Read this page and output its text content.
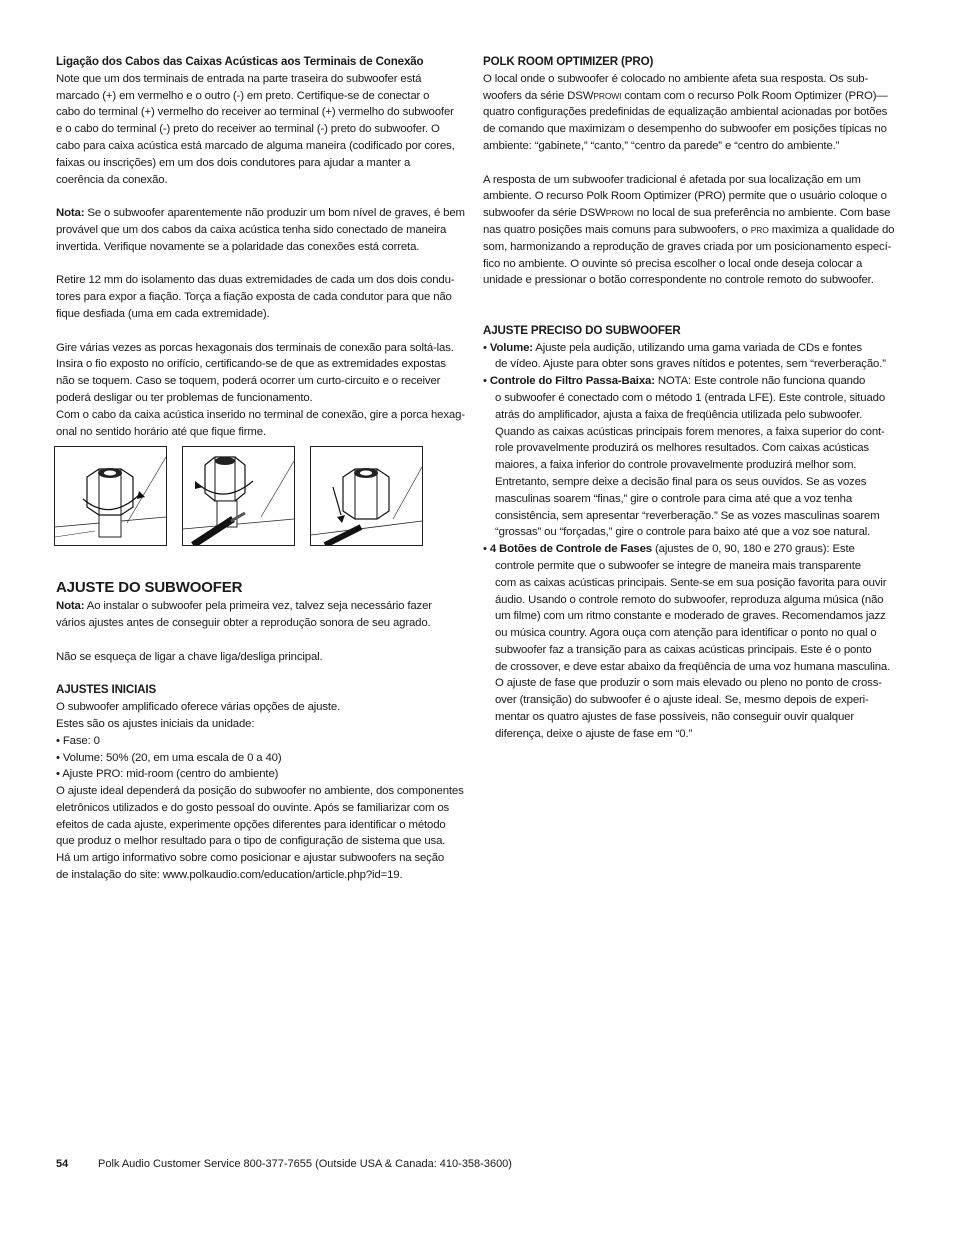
Ligação dos Cabos das Caixas Acústicas aos Terminais de Conexão

Note que um dos terminais de entrada na parte traseira do subwoofer está

marcado (+) em vermelho e o outro (-) em preto. Certifique-se de conectar o

cabo do terminal (+) vermelho do receiver ao terminal (+) vermelho do subwoofer

e o cabo do terminal (-) preto do receiver ao terminal (-) preto do subwoofer. O

cabo para caixa acústica está marcado de alguma maneira (codificado por cores,

faixas ou inscrições) em um dos dois condutores para ajudar a manter a

coerência da conexão.

Nota: Se o subwoofer aparentemente não produzir um bom nível de graves, é bem

provável que um dos cabos da caixa acústica tenha sido conectado de maneira

invertida. Verifique novamente se a polaridade das conexões está correta.

Retire 12 mm do isolamento das duas extremidades de cada um dos dois condu-

tores para expor a fiação. Torça a fiação exposta de cada condutor para que não

fique desfiada (uma em cada extremidade).

Gire várias vezes as porcas hexagonais dos terminais de conexão para soltá-las.

Insira o fio exposto no orifício, certificando-se de que as extremidades expostas

não se toquem. Caso se toquem, poderá ocorrer um curto-circuito e o receiver

poderá desligar ou ter problemas de funcionamento.

Com o cabo da caixa acústica inserido no terminal de conexão, gire a porca hexag-

onal no sentido horário até que fique firme.

AJUSTE DO SUBWOOFER

Nota: Ao instalar o subwoofer pela primeira vez, talvez seja necessário fazer

vários ajustes antes de conseguir obter a reprodução sonora de seu agrado.

Não se esqueça de ligar a chave liga/desliga principal.

AJUSTES INICIAIS

O subwoofer amplificado oferece várias opções de ajuste.

Estes são os ajustes iniciais da unidade:

• Fase: 0

• Volume: 50% (20, em uma escala de 0 a 40)

• Ajuste PRO: mid-room (centro do ambiente)

O ajuste ideal dependerá da posição do subwoofer no ambiente, dos componentes

eletrônicos utilizados e do gosto pessoal do ouvinte. Após se familiarizar com os

efeitos de cada ajuste, experimente opções diferentes para identificar o método

que produz o melhor resultado para o tipo de configuração de sistema que usa.

Há um artigo informativo sobre como posicionar e ajustar subwoofers na seção

de instalação do site: www.polkaudio.com/education/article.php?id=19.

POLK ROOM OPTIMIZER (PRO)

O local onde o subwoofer é colocado no ambiente afeta sua resposta. Os sub-

woofers da série DSWPROWI contam com o recurso Polk Room Optimizer (PRO)—

quatro configurações predefinidas de equalização ambiental acionadas por botões

de comando que maximizam o desempenho do subwoofer em posições típicas no

ambiente: “gabinete,” “canto,” “centro da parede” e “centro do ambiente.”

A resposta de um subwoofer tradicional é afetada por sua localização em um

ambiente. O recurso Polk Room Optimizer (PRO) permite que o usuário coloque o

subwoofer da série DSWPROWI no local de sua preferência no ambiente. Com base

nas quatro posições mais comuns para subwoofers, o PRO maximiza a qualidade do

som, harmonizando a reprodução de graves criada por um posicionamento especí-

fico no ambiente. O ouvinte só precisa escolher o local onde deseja colocar a

unidade e pressionar o botão correspondente no controle remoto do subwoofer.

AJUSTE PRECISO DO SUBWOOFER

• Volume: Ajuste pela audição, utilizando uma gama variada de CDs e fontes

de vídeo. Ajuste para obter sons graves nítidos e potentes, sem “reverberação.”

• Controle do Filtro Passa-Baixa: NOTA: Este controle não funciona quando

o subwoofer é conectado com o método 1 (entrada LFE). Este controle, situado

atrás do amplificador, ajusta a faixa de freqüência utilizada pelo subwoofer.

Quando as caixas acústicas principais forem menores, a faixa superior do cont-

role provavelmente produzirá os melhores resultados. Com caixas acústicas

maiores, a faixa inferior do controle provavelmente produzirá melhor som.

Entretanto, sempre deixe a decisão final para os seus ouvidos. Se as vozes

masculinas soarem “finas,” gire o controle para cima até que a voz tenha

consistência, sem apresentar “reverberação.” Se as vozes masculinas soarem

“grossas” ou “forçadas,” gire o controle para baixo até que a voz soe natural.

• 4 Botões de Controle de Fases (ajustes de 0, 90, 180 e 270 graus): Este

controle permite que o subwoofer se integre de maneira mais transparente

com as caixas acústicas principais. Sente-se em sua posição favorita para ouvir

áudio. Usando o controle remoto do subwoofer, reproduza alguma música (não

um filme) com um ritmo constante e moderado de graves. Recomendamos jazz

ou música country. Agora ouça com atenção para identificar o ponto no qual o

subwoofer faz a transição para as caixas acústicas principais. Este é o ponto

de crossover, e deve estar abaixo da freqüência de uma voz humana masculina.

O ajuste de fase que produzir o som mais elevado ou pleno no ponto de cross-

over (transição) do subwoofer é o ajuste ideal. Se, mesmo depois de experi-

mentar os quatro ajustes de fase possíveis, não conseguir ouvir qualquer

diferença, deixe o ajuste de fase em “0.”

54	Polk Audio Customer Service 800-377-7655 (Outside USA & Canada: 410-358-3600)
